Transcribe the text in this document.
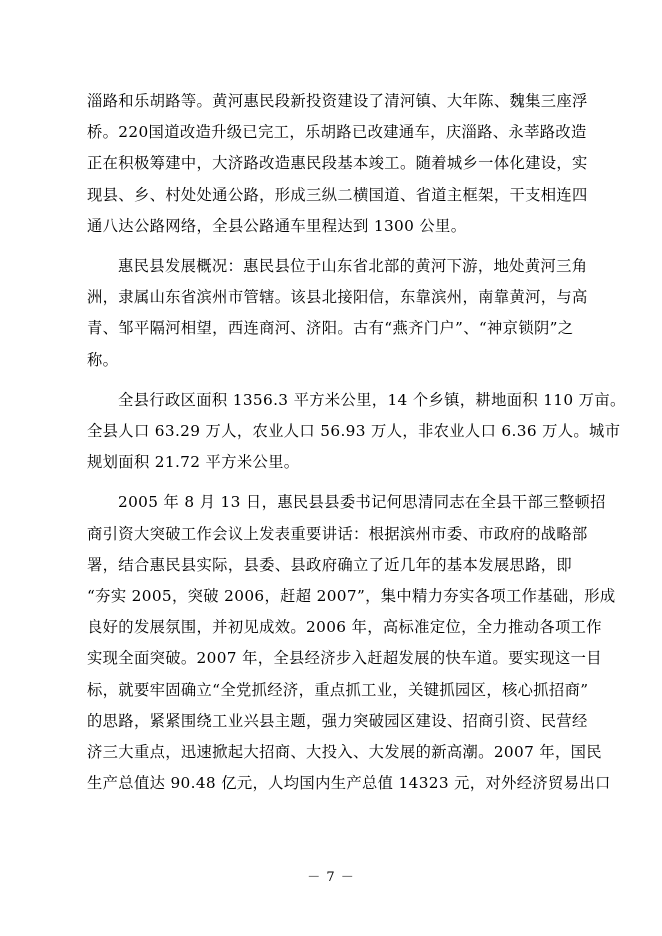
淄路和乐胡路等。黄河惠民段新投资建设了清河镇、大年陈、魏集三座浮
桥。220国道改造升级已完工，乐胡路已改建通车，庆淄路、永莘路改造
正在积极筹建中，大济路改造惠民段基本竣工。随着城乡一体化建设，实
现县、乡、村处处通公路，形成三纵二横国道、省道主框架，干支相连四
通八达公路网络，全县公路通车里程达到 1300 公里。

惠民县发展概况：惠民县位于山东省北部的黄河下游，地处黄河三角
洲，隶属山东省滨州市管辖。该县北接阳信，东靠滨州，南靠黄河，与高
青、邹平隔河相望，西连商河、济阳。古有“燕齐门户”、“神京锁阴”之
称。

全县行政区面积 1356.3 平方米公里，14 个乡镇，耕地面积 110 万亩。
全县人口 63.29 万人，农业人口 56.93 万人，非农业人口 6.36 万人。城市
规划面积 21.72 平方米公里。

2005 年 8 月 13 日，惠民县县委书记何思清同志在全县干部三整顿招
商引资大突破工作会议上发表重要讲话：根据滨州市委、市政府的战略部
署，结合惠民县实际，县委、县政府确立了近几年的基本发展思路，即
“夯实 2005，突破 2006，赶超 2007”，集中精力夯实各项工作基础，形成
良好的发展氛围，并初见成效。2006 年，高标准定位，全力推动各项工作
实现全面突破。2007 年，全县经济步入赶超发展的快车道。要实现这一目
标，就要牢固确立“全党抓经济，重点抓工业，关键抓园区，核心抓招商”
的思路，紧紧围绕工业兴县主题，强力突破园区建设、招商引资、民营经
济三大重点，迅速掀起大招商、大投入、大发展的新高潮。2007 年，国民
生产总值达 90.48 亿元，人均国内生产总值 14323 元，对外经济贸易出口

－ 7 －
